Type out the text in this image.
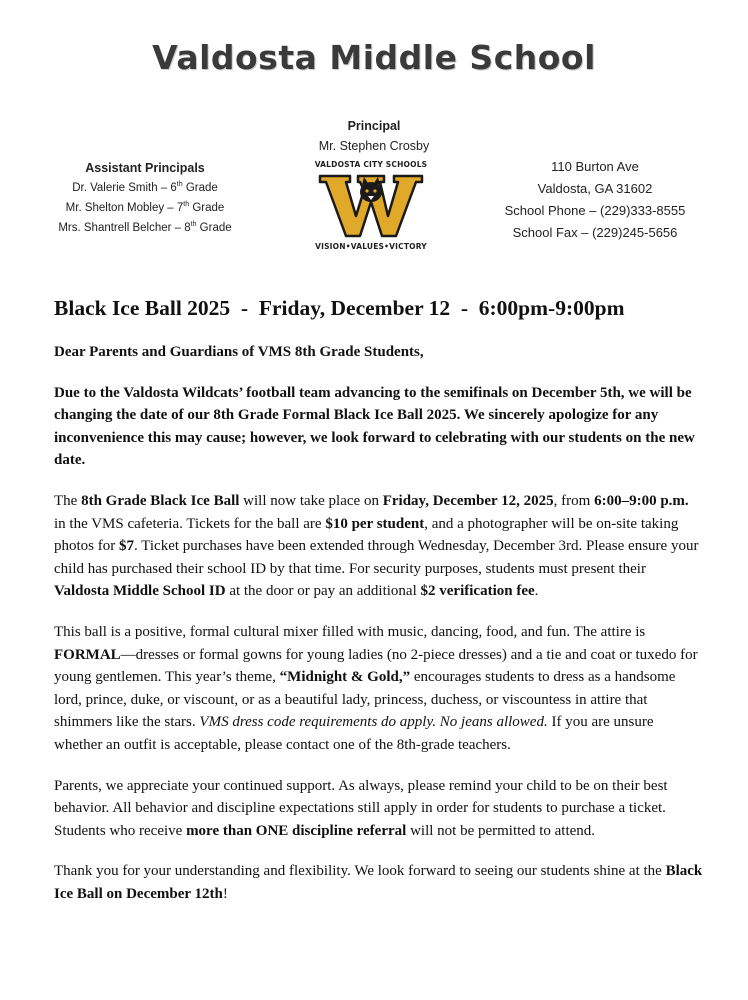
Valdosta Middle School
Principal
Mr. Stephen Crosby
Assistant Principals
Dr. Valerie Smith – 6th Grade
Mr. Shelton Mobley – 7th Grade
Mrs. Shantrell Belcher – 8th Grade
VALDOSTA CITY SCHOOLS
VISION•VALUES•VICTORY
110 Burton Ave
Valdosta, GA 31602
School Phone – (229)333-8555
School Fax – (229)245-5656
Black Ice Ball 2025  -  Friday, December 12  -  6:00pm-9:00pm

Dear Parents and Guardians of VMS 8th Grade Students,

Due to the Valdosta Wildcats’ football team advancing to the semifinals on December 5th, we will be changing the date of our 8th Grade Formal Black Ice Ball 2025. We sincerely apologize for any inconvenience this may cause; however, we look forward to celebrating with our students on the new date.

The 8th Grade Black Ice Ball will now take place on Friday, December 12, 2025, from 6:00–9:00 p.m. in the VMS cafeteria. Tickets for the ball are $10 per student, and a photographer will be on-site taking photos for $7. Ticket purchases have been extended through Wednesday, December 3rd. Please ensure your child has purchased their school ID by that time. For security purposes, students must present their Valdosta Middle School ID at the door or pay an additional $2 verification fee.

This ball is a positive, formal cultural mixer filled with music, dancing, food, and fun. The attire is FORMAL—dresses or formal gowns for young ladies (no 2-piece dresses) and a tie and coat or tuxedo for young gentlemen. This year’s theme, “Midnight & Gold,” encourages students to dress as a handsome lord, prince, duke, or viscount, or as a beautiful lady, princess, duchess, or viscountess in attire that shimmers like the stars. VMS dress code requirements do apply. No jeans allowed. If you are unsure whether an outfit is acceptable, please contact one of the 8th-grade teachers.

Parents, we appreciate your continued support. As always, please remind your child to be on their best behavior. All behavior and discipline expectations still apply in order for students to purchase a ticket. Students who receive more than ONE discipline referral will not be permitted to attend.

Thank you for your understanding and flexibility. We look forward to seeing our students shine at the Black Ice Ball on December 12th!
